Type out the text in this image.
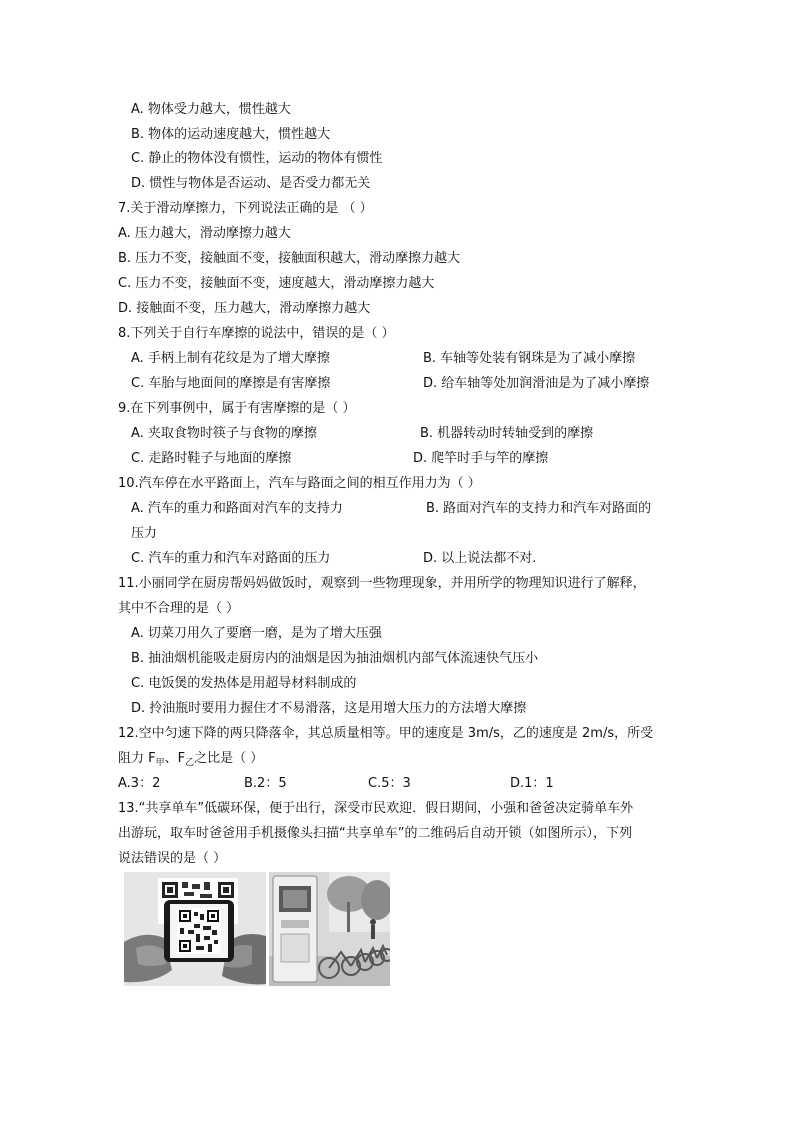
A. 物体受力越大，惯性越大
B. 物体的运动速度越大，惯性越大
C. 静止的物体没有惯性，运动的物体有惯性
D. 惯性与物体是否运动、是否受力都无关
7.关于滑动摩擦力，下列说法正确的是 （ ）
A. 压力越大，滑动摩擦力越大
B. 压力不变，接触面不变，接触面积越大，滑动摩擦力越大
C. 压力不变，接触面不变，速度越大，滑动摩擦力越大
D. 接触面不变，压力越大，滑动摩擦力越大
8.下列关于自行车摩擦的说法中，错误的是（ ）
A. 手柄上制有花纹是为了增大摩擦	B. 车轴等处装有钢珠是为了减小摩擦
C. 车胎与地面间的摩擦是有害摩擦	D. 给车轴等处加润滑油是为了减小摩擦
9.在下列事例中，属于有害摩擦的是（ ）
A. 夹取食物时筷子与食物的摩擦	B. 机器转动时转轴受到的摩擦
C. 走路时鞋子与地面的摩擦	D. 爬竿时手与竿的摩擦
10.汽车停在水平路面上，汽车与路面之间的相互作用力为（ ）
A. 汽车的重力和路面对汽车的支持力	B. 路面对汽车的支持力和汽车对路面的
压力
C. 汽车的重力和汽车对路面的压力	D. 以上说法都不对.
11.小丽同学在厨房帮妈妈做饭时，观察到一些物理现象，并用所学的物理知识进行了解释，
其中不合理的是（ ）
A. 切菜刀用久了要磨一磨，是为了增大压强
B. 抽油烟机能吸走厨房内的油烟是因为抽油烟机内部气体流速快气压小
C. 电饭煲的发热体是用超导材料制成的
D. 拎油瓶时要用力握住才不易滑落，这是用增大压力的方法增大摩擦
12.空中匀速下降的两只降落伞，其总质量相等。甲的速度是 3m/s，乙的速度是 2m/s，所受
阻力 $F_甲$、$F_乙$之比是（ ）
A.3：2	B.2：5	C.5：3	D.1：1
13.“共享单车”低碳环保，便于出行，深受市民欢迎．假日期间，小强和爸爸决定骑单车外
出游玩，取车时爸爸用手机摄像头扫描“共享单车”的二维码后自动开锁（如图所示），下列
说法错误的是（ ）
